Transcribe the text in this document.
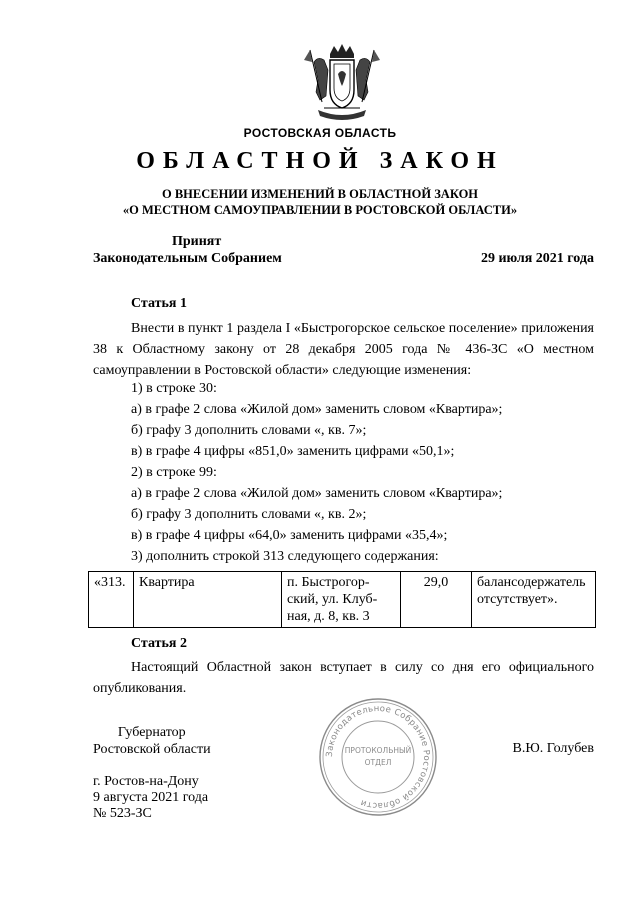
РОСТОВСКАЯ ОБЛАСТЬ
ОБЛАСТНОЙ ЗАКОН
О ВНЕСЕНИИ ИЗМЕНЕНИЙ В ОБЛАСТНОЙ ЗАКОН
«О МЕСТНОМ САМОУПРАВЛЕНИИ В РОСТОВСКОЙ ОБЛАСТИ»
Принят
Законодательным Собранием	29 июля 2021 года
Статья 1
Внести в пункт 1 раздела I «Быстрогорское сельское поселение» приложения 38 к Областному закону от 28 декабря 2005 года № 436-ЗС «О местном самоуправлении в Ростовской области» следующие изменения:
1) в строке 30:
а) в графе 2 слова «Жилой дом» заменить словом «Квартира»;
б) графу 3 дополнить словами «, кв. 7»;
в) в графе 4 цифры «851,0» заменить цифрами «50,1»;
2) в строке 99:
а) в графе 2 слова «Жилой дом» заменить словом «Квартира»;
б) графу 3 дополнить словами «, кв. 2»;
в) в графе 4 цифры «64,0» заменить цифрами «35,4»;
3) дополнить строкой 313 следующего содержания:
«313.	Квартира	п. Быстрогор-
ский, ул. Клуб-
ная, д. 8, кв. 3
	29,0	балансодержатель
отсутствует».
Статья 2
Настоящий Областной закон вступает в силу со дня его официального опубликования.
Губернатор
Ростовской области	В.Ю. Голубев
г. Ростов-на-Дону
9 августа 2021 года
№ 523-ЗС
Законодательное Собрание Ростовской области
ПРОТОКОЛЬНЫЙ
ОТДЕЛ
